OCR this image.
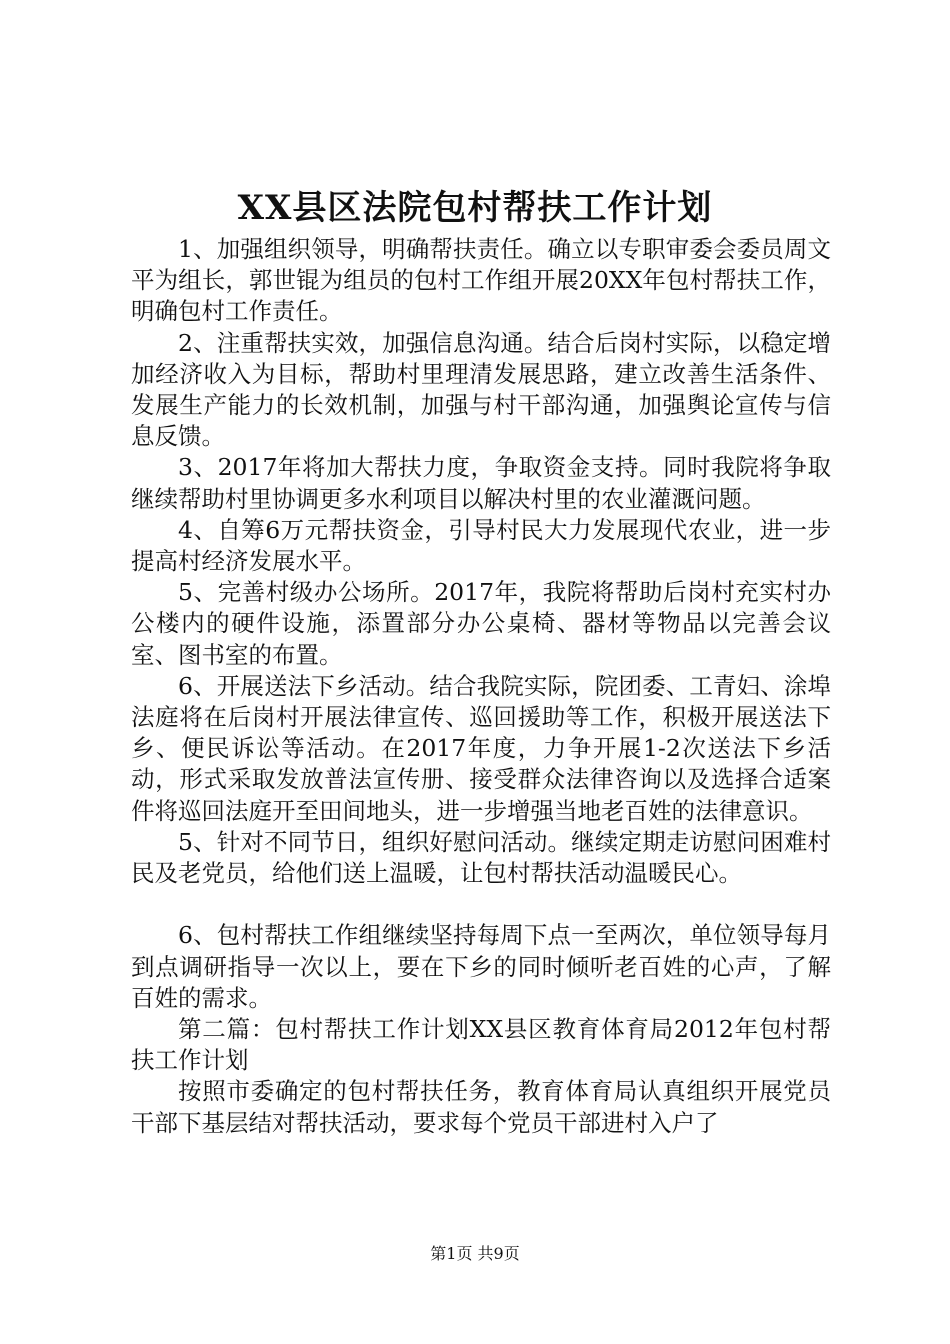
XX县区法院包村帮扶工作计划

1、加强组织领导，明确帮扶责任。确立以专职审委会委员周文平为组长，郭世锟为组员的包村工作组开展20XX年包村帮扶工作，明确包村工作责任。

2、注重帮扶实效，加强信息沟通。结合后岗村实际，以稳定增加经济收入为目标，帮助村里理清发展思路，建立改善生活条件、发展生产能力的长效机制，加强与村干部沟通，加强舆论宣传与信息反馈。

3、2017年将加大帮扶力度，争取资金支持。同时我院将争取继续帮助村里协调更多水利项目以解决村里的农业灌溉问题。

4、自筹6万元帮扶资金，引导村民大力发展现代农业，进一步提高村经济发展水平。

5、完善村级办公场所。2017年，我院将帮助后岗村充实村办公楼内的硬件设施，添置部分办公桌椅、器材等物品以完善会议室、图书室的布置。

6、开展送法下乡活动。结合我院实际，院团委、工青妇、涂埠法庭将在后岗村开展法律宣传、巡回援助等工作，积极开展送法下乡、便民诉讼等活动。在2017年度，力争开展1-2次送法下乡活动，形式采取发放普法宣传册、接受群众法律咨询以及选择合适案件将巡回法庭开至田间地头，进一步增强当地老百姓的法律意识。

5、针对不同节日，组织好慰问活动。继续定期走访慰问困难村民及老党员，给他们送上温暖，让包村帮扶活动温暖民心。

6、包村帮扶工作组继续坚持每周下点一至两次，单位领导每月到点调研指导一次以上，要在下乡的同时倾听老百姓的心声，了解百姓的需求。

第二篇：包村帮扶工作计划XX县区教育体育局2012年包村帮扶工作计划

按照市委确定的包村帮扶任务，教育体育局认真组织开展党员干部下基层结对帮扶活动，要求每个党员干部进村入户了

第1页 共9页
